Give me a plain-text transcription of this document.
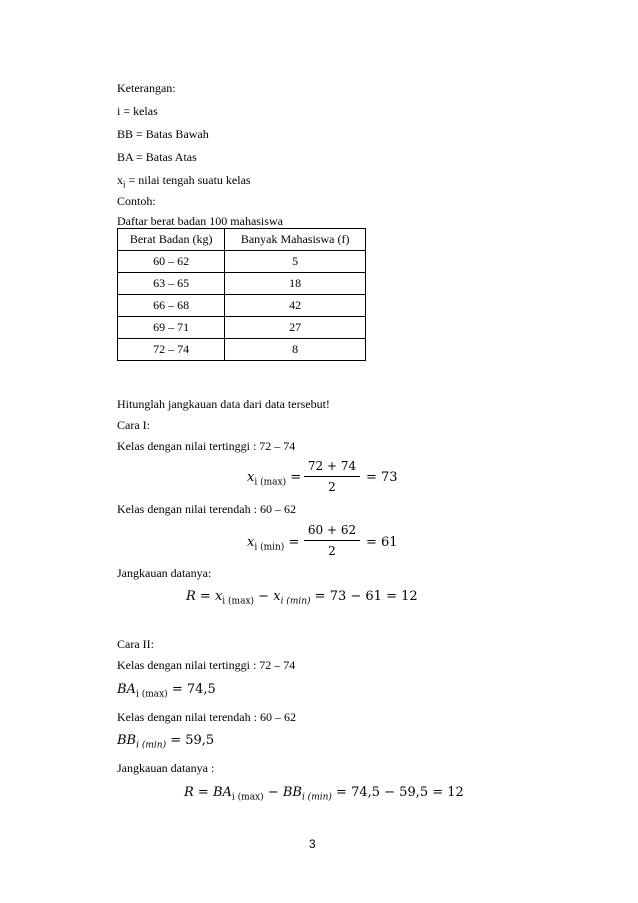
Keterangan:
i = kelas
BB = Batas Bawah
BA = Batas Atas
$x_i$ = nilai tengah suatu kelas
Contoh:
Daftar berat badan 100 mahasiswa
Berat Badan (kg)	Banyak Mahasiswa (f)
60 – 62	5
63 – 65	18
66 – 68	42
69 – 71	27
72 – 74	8
Hitunglah jangkauan data dari data tersebut!
Cara I:
Kelas dengan nilai tertinggi : 72 – 74
$x_{i (max)}$ =
72 + 74
2
= 73
Kelas dengan nilai terendah : 60 – 62
$x_{i (min)}$ =
60 + 62
2
= 61
Jangkauan datanya:
$R = x_{i (max)} - x_{i (min)} = 73 - 61 = 12$
Cara II:
Kelas dengan nilai tertinggi : 72 – 74
$BA_{i (max)} = 74,5$
Kelas dengan nilai terendah : 60 – 62
$BB_{i (min)} = 59,5$
Jangkauan datanya :
$R = BA_{i (max)} - BB_{i (min)} = 74,5 - 59,5 = 12$
3
